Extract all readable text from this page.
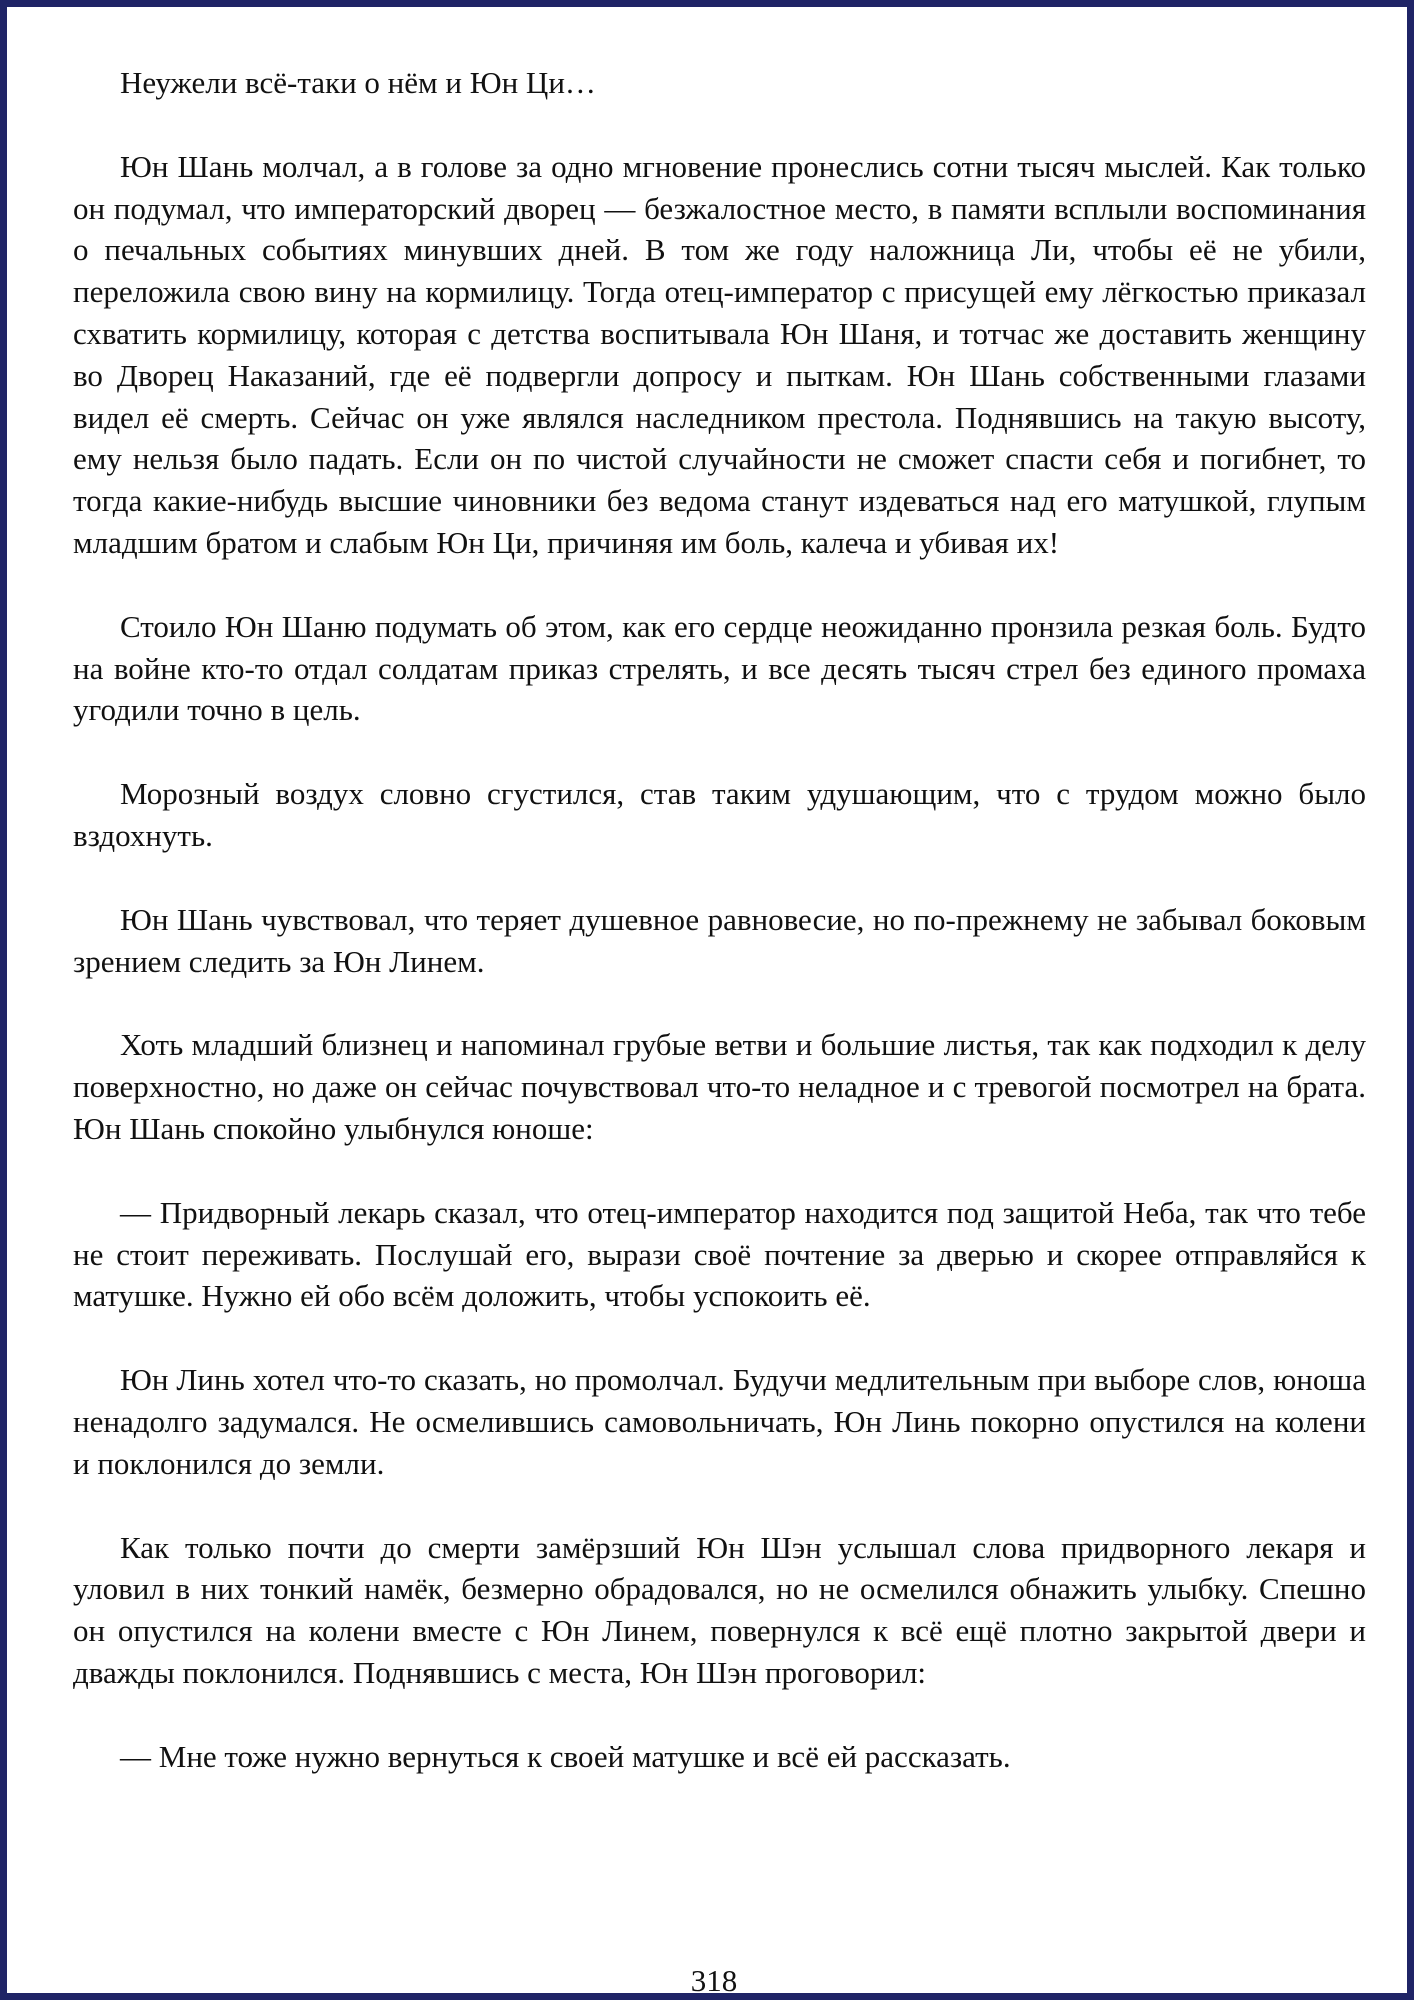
Неужели всё-таки о нём и Юн Ци…

Юн Шань молчал, а в голове за одно мгновение пронеслись сотни тысяч мыслей. Как только он подумал, что императорский дворец — безжалостное место, в памяти всплыли воспоминания о печальных событиях минувших дней. В том же году наложница Ли, чтобы её не убили, переложила свою вину на кормилицу. Тогда отец-император с присущей ему лёгкостью приказал схватить кормилицу, которая с детства воспитывала Юн Шаня, и тотчас же доставить женщину во Дворец Наказаний, где её подвергли допросу и пыткам. Юн Шань собственными глазами видел её смерть. Сейчас он уже являлся наследником престола. Поднявшись на такую высоту, ему нельзя было падать. Если он по чистой случайности не сможет спасти себя и погибнет, то тогда какие-нибудь высшие чиновники без ведома станут издеваться над его матушкой, глупым младшим братом и слабым Юн Ци, причиняя им боль, калеча и убивая их!

Стоило Юн Шаню подумать об этом, как его сердце неожиданно пронзила резкая боль. Будто на войне кто-то отдал солдатам приказ стрелять, и все десять тысяч стрел без единого промаха угодили точно в цель.

Морозный воздух словно сгустился, став таким удушающим, что с трудом можно было вздохнуть.

Юн Шань чувствовал, что теряет душевное равновесие, но по-прежнему не забывал боковым зрением следить за Юн Линем.

Хоть младший близнец и напоминал грубые ветви и большие листья, так как подходил к делу поверхностно, но даже он сейчас почувствовал что-то неладное и с тревогой посмотрел на брата. Юн Шань спокойно улыбнулся юноше:

— Придворный лекарь сказал, что отец-император находится под защитой Неба, так что тебе не стоит переживать. Послушай его, вырази своё почтение за дверью и скорее отправляйся к матушке. Нужно ей обо всём доложить, чтобы успокоить её.

Юн Линь хотел что-то сказать, но промолчал. Будучи медлительным при выборе слов, юноша ненадолго задумался. Не осмелившись самовольничать, Юн Линь покорно опустился на колени и поклонился до земли.

Как только почти до смерти замёрзший Юн Шэн услышал слова придворного лекаря и уловил в них тонкий намёк, безмерно обрадовался, но не осмелился обнажить улыбку. Спешно он опустился на колени вместе с Юн Линем, повернулся к всё ещё плотно закрытой двери и дважды поклонился. Поднявшись с места, Юн Шэн проговорил:

— Мне тоже нужно вернуться к своей матушке и всё ей рассказать.

318
